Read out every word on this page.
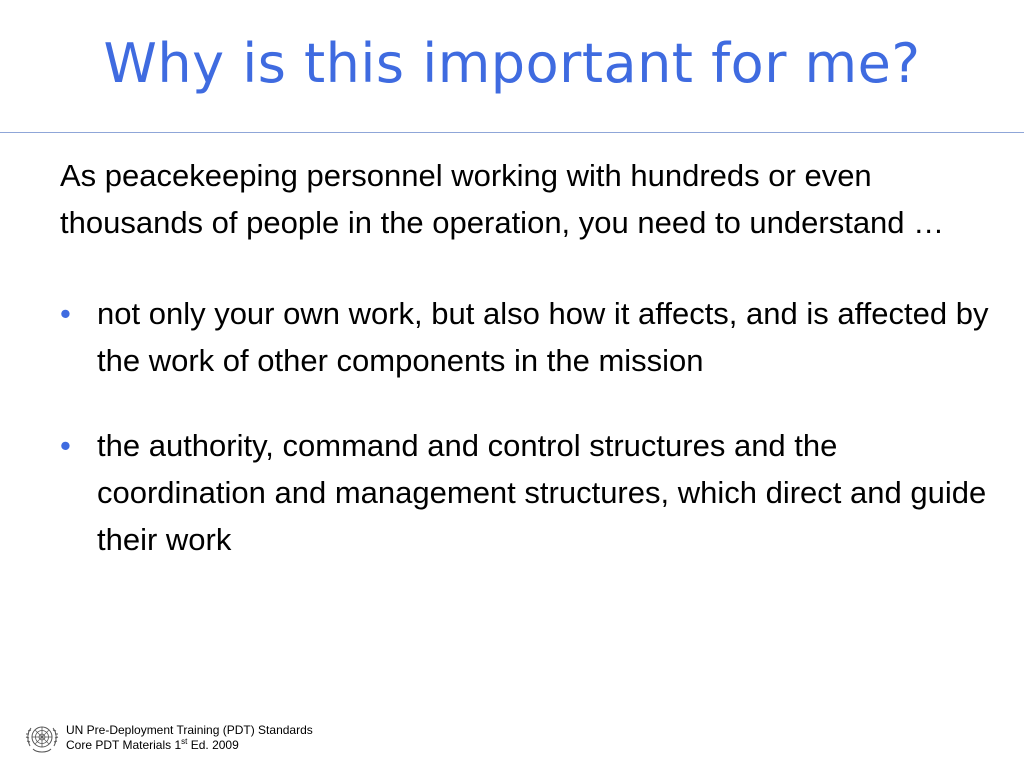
Why is this important for me?

As peacekeeping personnel working with hundreds or even thousands of people in the operation, you need to understand …

• not only your own work, but also how it affects, and is affected by the work of other components in the mission
• the authority, command and control structures and the coordination and management structures, which direct and guide their work
UN Pre-Deployment Training (PDT) Standards
Core PDT Materials 1st Ed. 2009
